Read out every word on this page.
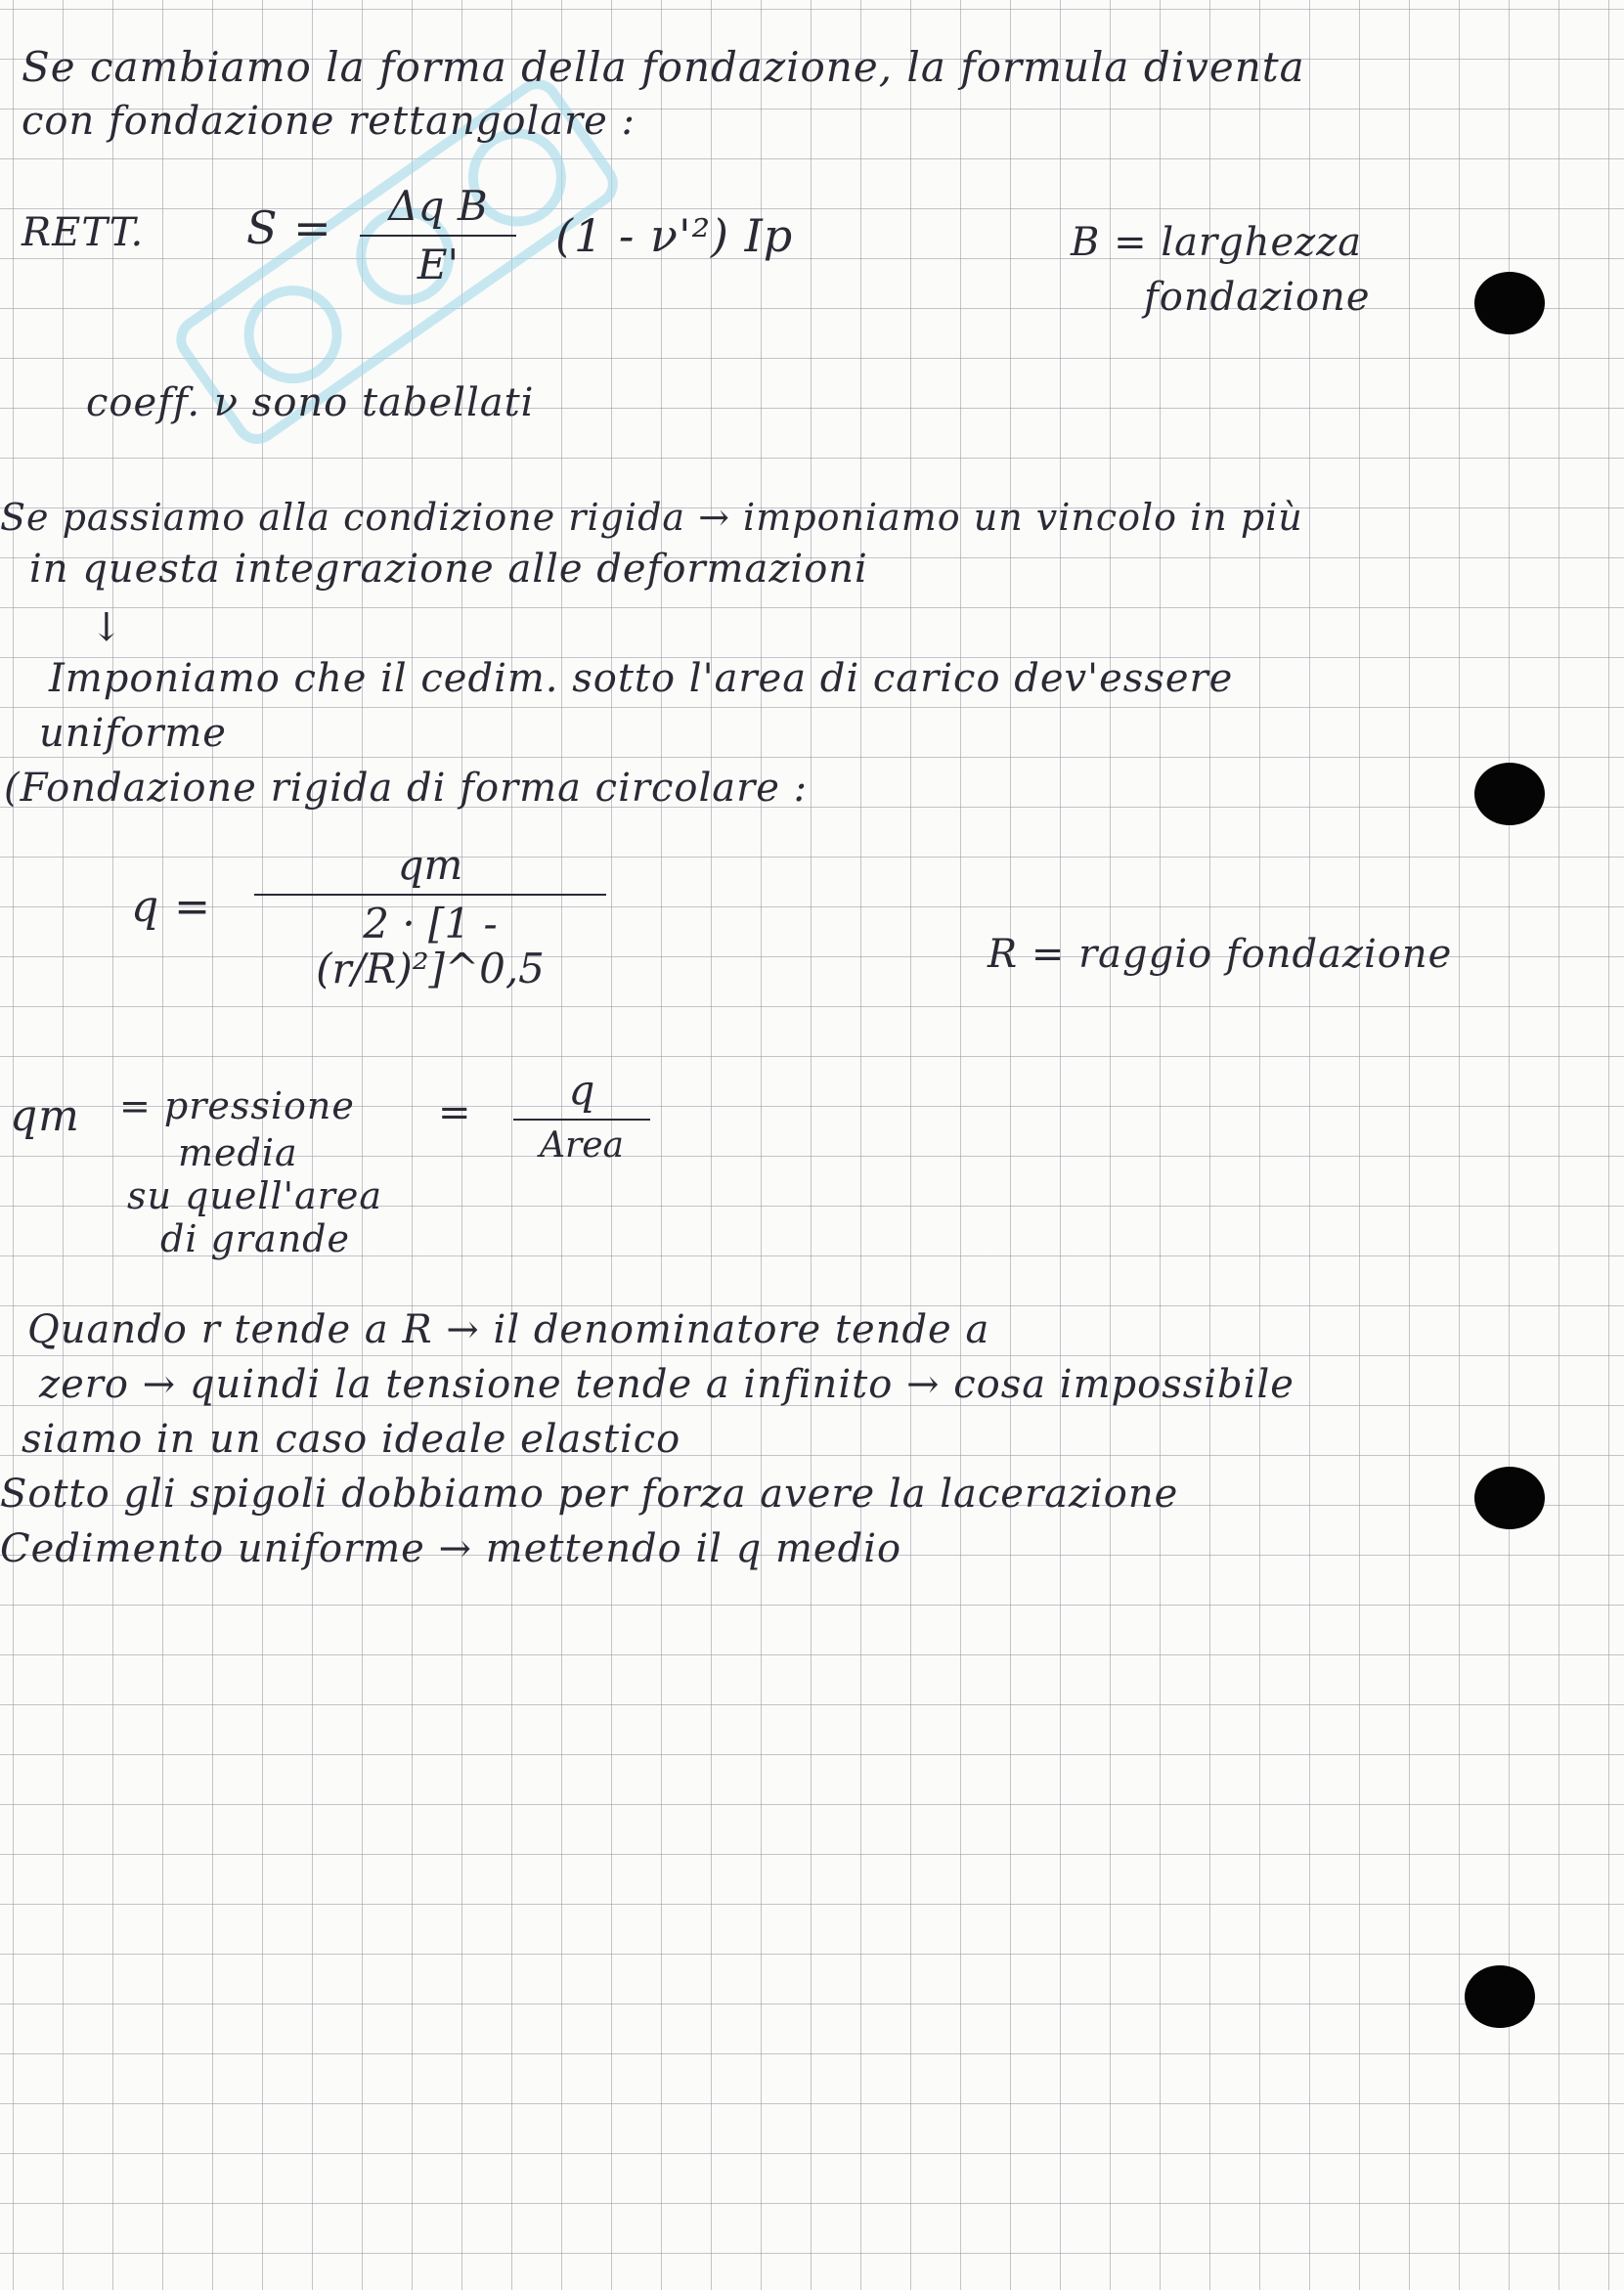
Se cambiamo la forma della fondazione, la formula diventa
con fondazione rettangolare :
RETT. S =	Δq B
E'
(1 - ν'²) Ip	B = larghezza
fondazione
coeff. ν sono tabellati
Se passiamo alla condizione rigida → imponiamo un vincolo in più
in questa integrazione alle deformazioni
↓
Imponiamo che il cedim. sotto l'area di carico dev'essere
uniforme
(Fondazione rigida di forma circolare :
q =
qm
2 · [1 - (r/R)²]^0,5	R = raggio fondazione
qm = pressione
media
su quell'area
di grande
=	q
Area
Quando r tende a R → il denominatore tende a
zero → quindi la tensione tende a infinito → cosa impossibile
siamo in un caso ideale elastico
Sotto gli spigoli dobbiamo per forza avere la lacerazione
Cedimento uniforme → mettendo il q medio
